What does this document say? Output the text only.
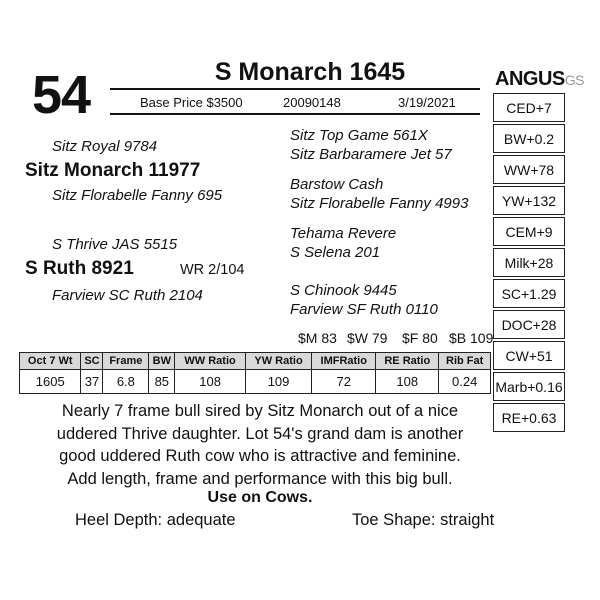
54	S Monarch 1645
Base Price $3500	20090148	3/19/2021
ANGUSGS
Sitz Royal 9784
Sitz Monarch 11977
Sitz Florabelle Fanny 695
S Thrive JAS 5515
S Ruth 8921	WR 2/104
Farview SC Ruth 2104
Sitz Top Game 561X
Sitz Barbaramere Jet 57
Barstow Cash
Sitz Florabelle Fanny 4993
Tehama Revere
S Selena 201
S Chinook 9445
Farview SF Ruth 0110
$M 83 $W 79 $F 80 $B 109
CED+7
BW+0.2
WW+78
YW+132
CEM+9
Milk+28
SC+1.29
DOC+28
CW+51
Marb+0.16
RE+0.63
Oct 7 Wt	SC	Frame	BW	WW Ratio	YW Ratio	IMFRatio	RE Ratio	Rib Fat
1605	37	6.8	85	108	109	72	108	0.24
Nearly 7 frame bull sired by Sitz Monarch out of a nice
uddered Thrive daughter. Lot 54's grand dam is another
good uddered Ruth cow who is attractive and feminine.
Add length, frame and performance with this big bull.
Use on Cows.
Heel Depth: adequate	Toe Shape: straight
